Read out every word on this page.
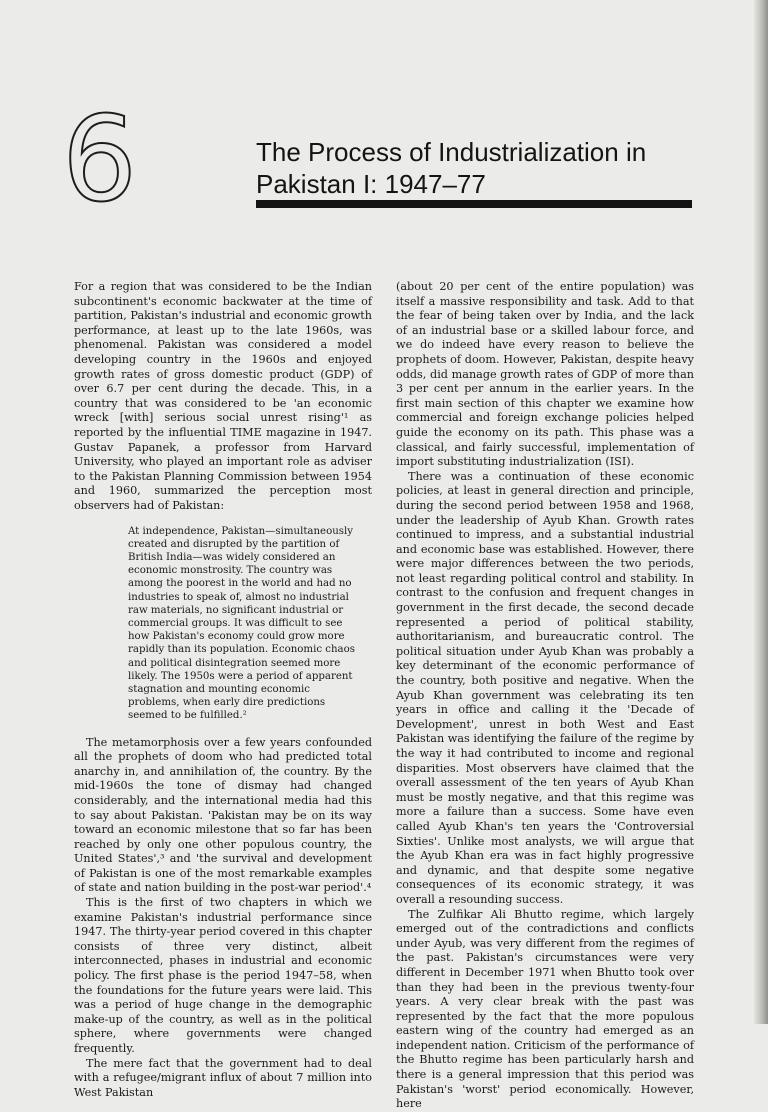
6	The Process of Industrialization in Pakistan I: 1947–77

For a region that was considered to be the Indian subcontinent's economic backwater at the time of partition, Pakistan's industrial and economic growth performance, at least up to the late 1960s, was phenomenal. Pakistan was considered a model developing country in the 1960s and enjoyed growth rates of gross domestic product (GDP) of over 6.7 per cent during the decade. This, in a country that was considered to be 'an economic wreck [with] serious social unrest rising'¹ as reported by the influential TIME magazine in 1947. Gustav Papanek, a professor from Harvard University, who played an important role as adviser to the Pakistan Planning Commission between 1954 and 1960, summarized the perception most observers had of Pakistan:

At independence, Pakistan—simultaneously created and disrupted by the partition of British India—was widely considered an economic monstrosity. The country was among the poorest in the world and had no industries to speak of, almost no industrial raw materials, no significant industrial or commercial groups. It was difficult to see how Pakistan's economy could grow more rapidly than its population. Economic chaos and political disintegration seemed more likely. The 1950s were a period of apparent stagnation and mounting economic problems, when early dire predictions seemed to be fulfilled.²

The metamorphosis over a few years confounded all the prophets of doom who had predicted total anarchy in, and annihilation of, the country. By the mid-1960s the tone of dismay had changed considerably, and the international media had this to say about Pakistan. 'Pakistan may be on its way toward an economic milestone that so far has been reached by only one other populous country, the United States',³ and 'the survival and development of Pakistan is one of the most remarkable examples of state and nation building in the post-war period'.⁴

This is the first of two chapters in which we examine Pakistan's industrial performance since 1947. The thirty-year period covered in this chapter consists of three very distinct, albeit interconnected, phases in industrial and economic policy. The first phase is the period 1947–58, when the foundations for the future years were laid. This was a period of huge change in the demographic make-up of the country, as well as in the political sphere, where governments were changed frequently.

The mere fact that the government had to deal with a refugee/migrant influx of about 7 million into West Pakistan

(about 20 per cent of the entire population) was itself a massive responsibility and task. Add to that the fear of being taken over by India, and the lack of an industrial base or a skilled labour force, and we do indeed have every reason to believe the prophets of doom. However, Pakistan, despite heavy odds, did manage growth rates of GDP of more than 3 per cent per annum in the earlier years. In the first main section of this chapter we examine how commercial and foreign exchange policies helped guide the economy on its path. This phase was a classical, and fairly successful, implementation of import substituting industrialization (ISI).

There was a continuation of these economic policies, at least in general direction and principle, during the second period between 1958 and 1968, under the leadership of Ayub Khan. Growth rates continued to impress, and a substantial industrial and economic base was established. However, there were major differences between the two periods, not least regarding political control and stability. In contrast to the confusion and frequent changes in government in the first decade, the second decade represented a period of political stability, authoritarianism, and bureaucratic control. The political situation under Ayub Khan was probably a key determinant of the economic performance of the country, both positive and negative. When the Ayub Khan government was celebrating its ten years in office and calling it the 'Decade of Development', unrest in both West and East Pakistan was identifying the failure of the regime by the way it had contributed to income and regional disparities. Most observers have claimed that the overall assessment of the ten years of Ayub Khan must be mostly negative, and that this regime was more a failure than a success. Some have even called Ayub Khan's ten years the 'Controversial Sixties'. Unlike most analysts, we will argue that the Ayub Khan era was in fact highly progressive and dynamic, and that despite some negative consequences of its economic strategy, it was overall a resounding success.

The Zulfikar Ali Bhutto regime, which largely emerged out of the contradictions and conflicts under Ayub, was very different from the regimes of the past. Pakistan's circumstances were very different in December 1971 when Bhutto took over than they had been in the previous twenty-four years. A very clear break with the past was represented by the fact that the more populous eastern wing of the country had emerged as an independent nation. Criticism of the performance of the Bhutto regime has been particularly harsh and there is a general impression that this period was Pakistan's 'worst' period economically. However, here
